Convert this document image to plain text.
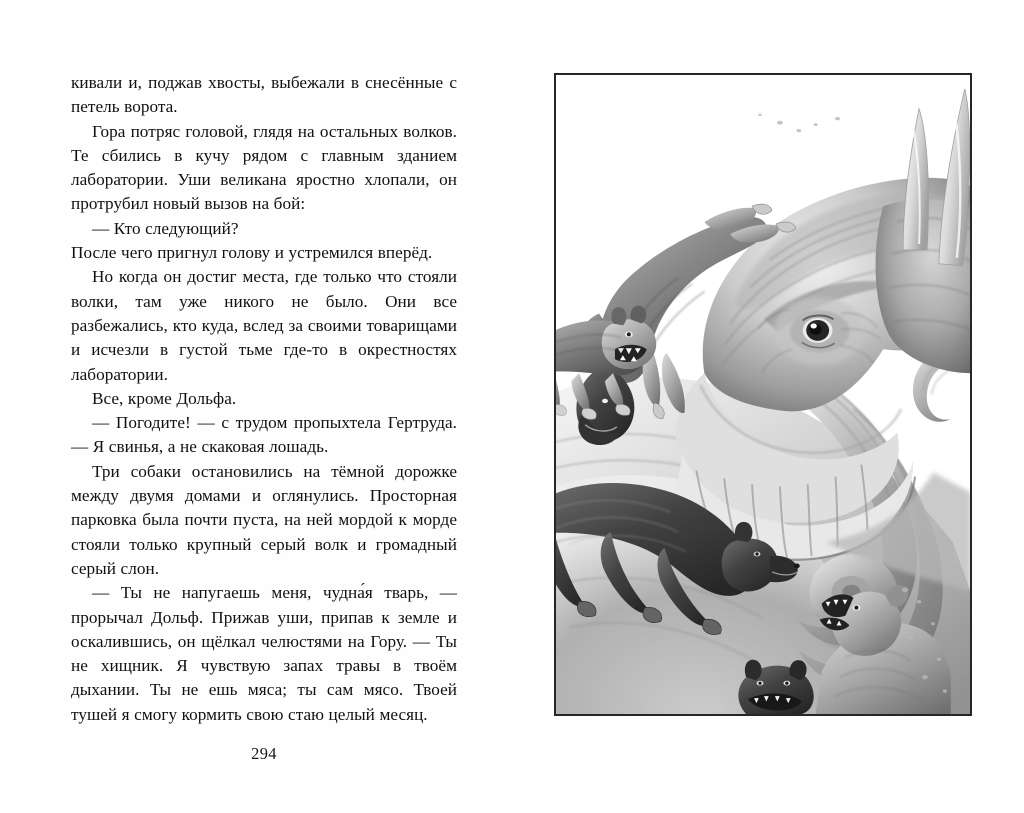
кивали и, поджав хвосты, выбежали в снесённые с петель ворота.

Гора потряс головой, глядя на остальных волков. Те сбились в кучу рядом с главным зданием лаборатории. Уши великана яростно хлопали, он протрубил новый вызов на бой:

— Кто следующий?

После чего пригнул голову и устремился вперёд.

Но когда он достиг места, где только что стояли волки, там уже никого не было. Они все разбежались, кто куда, вслед за своими товарищами и исчезли в густой тьме где-то в окрестностях лаборатории.

Все, кроме Дольфа.

— Погодите! — с трудом пропыхтела Гертруда. — Я свинья, а не скаковая лошадь.

Три собаки остановились на тёмной дорожке между двумя домами и оглянулись. Просторная парковка была почти пуста, на ней мордой к морде стояли только крупный серый волк и громадный серый слон.

— Ты не напугаешь меня, чудна́я тварь, — прорычал Дольф. Прижав уши, припав к земле и оскалившись, он щёлкал челюстями на Гору. — Ты не хищник. Я чувствую запах травы в твоём дыхании. Ты не ешь мяса; ты сам мясо. Твоей тушей я смогу кормить свою стаю целый месяц.

294
